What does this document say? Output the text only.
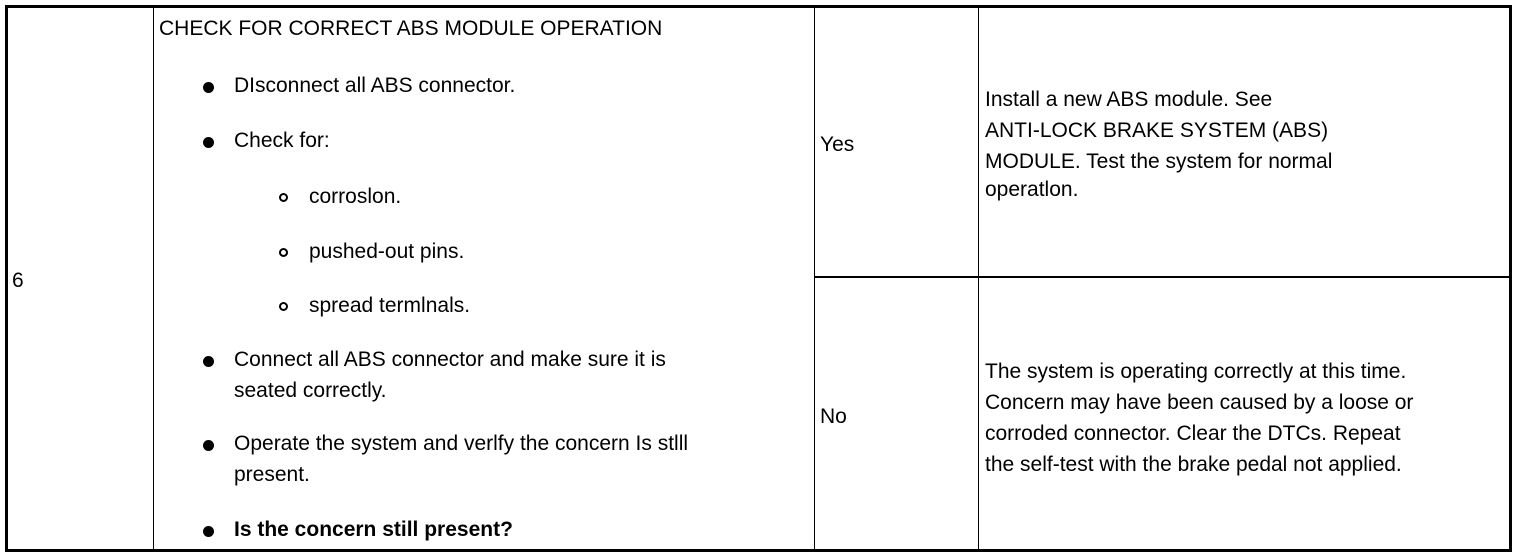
6
CHECK FOR CORRECT ABS MODULE OPERATION
DIsconnect all ABS connector.
Check for:
corroslon.
pushed-out pins.
spread termlnals.
Connect all ABS connector and make sure it is
seated correctly.
Operate the system and verlfy the concern Is stlll
present.
Is the concern still present?
Yes
Install a new ABS module. See
ANTI-LOCK BRAKE SYSTEM (ABS)
MODULE. Test the system for normal
operatlon.
No
The system is operating correctly at this time.
Concern may have been caused by a loose or
corroded connector. Clear the DTCs. Repeat
the self-test with the brake pedal not applied.
